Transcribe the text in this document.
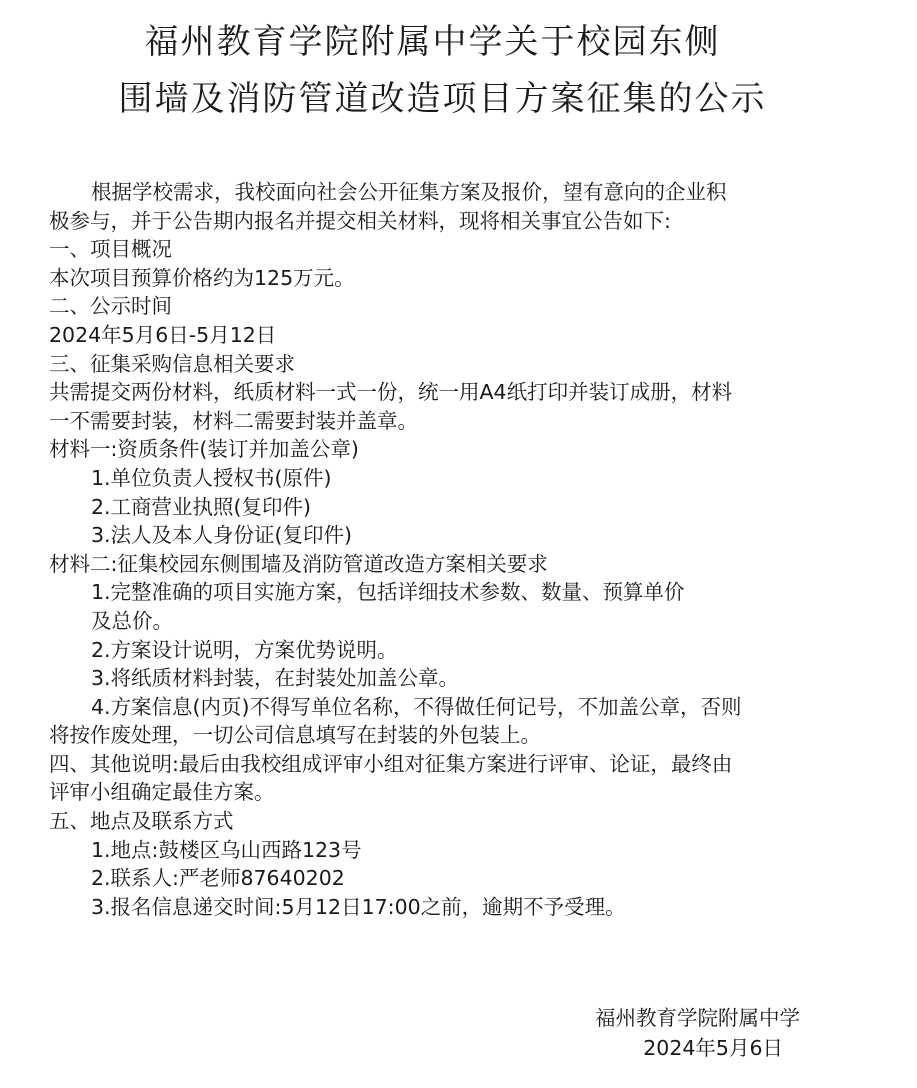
福州教育学院附属中学关于校园东侧
围墙及消防管道改造项目方案征集的公示
根据学校需求，我校面向社会公开征集方案及报价，望有意向的企业积
极参与，并于公告期内报名并提交相关材料，现将相关事宜公告如下:
一、项目概况
本次项目预算价格约为125万元。
二、公示时间
2024年5月6日-5月12日
三、征集采购信息相关要求
共需提交两份材料，纸质材料一式一份，统一用A4纸打印并装订成册，材料
一不需要封装，材料二需要封装并盖章。
材料一:资质条件(装订并加盖公章)
1.单位负责人授权书(原件)
2.工商营业执照(复印件)
3.法人及本人身份证(复印件)
材料二:征集校园东侧围墙及消防管道改造方案相关要求
1.完整准确的项目实施方案，包括详细技术参数、数量、预算单价
及总价。
2.方案设计说明，方案优势说明。
3.将纸质材料封装，在封装处加盖公章。
4.方案信息(内页)不得写单位名称，不得做任何记号，不加盖公章，否则
将按作废处理，一切公司信息填写在封装的外包装上。
四、其他说明:最后由我校组成评审小组对征集方案进行评审、论证，最终由
评审小组确定最佳方案。
五、地点及联系方式
1.地点:鼓楼区乌山西路123号
2.联系人:严老师87640202
3.报名信息递交时间:5月12日17:00之前，逾期不予受理。
福州教育学院附属中学
2024年5月6日
